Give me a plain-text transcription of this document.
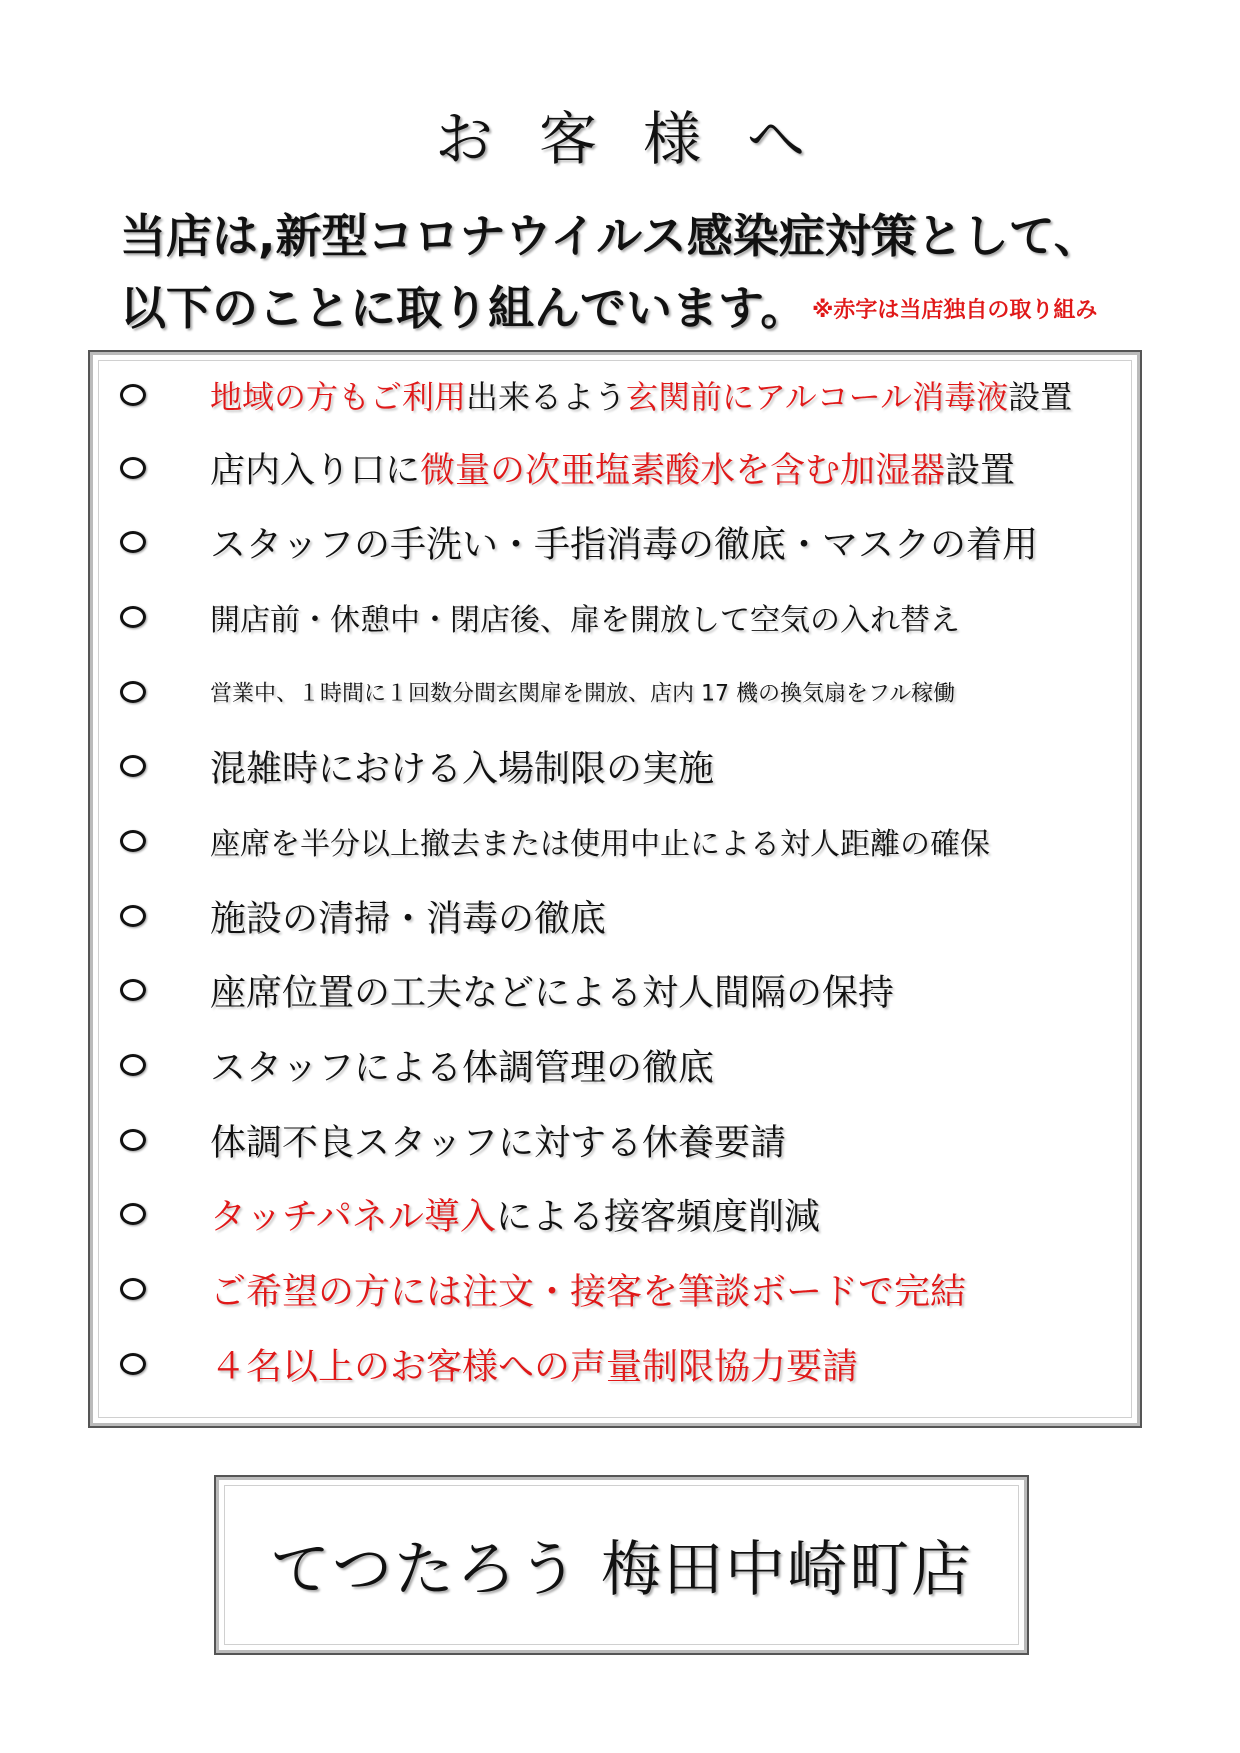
お客様へ
当店は,新型コロナウイルス感染症対策として、
以下のことに取り組んでいます。 ※赤字は当店独自の取り組み
地域の方もご利用出来るよう玄関前にアルコール消毒液設置
店内入り口に微量の次亜塩素酸水を含む加湿器設置
スタッフの手洗い・手指消毒の徹底・マスクの着用
開店前・休憩中・閉店後、扉を開放して空気の入れ替え
営業中、１時間に１回数分間玄関扉を開放、店内 17 機の換気扇をフル稼働
混雑時における入場制限の実施
座席を半分以上撤去または使用中止による対人距離の確保
施設の清掃・消毒の徹底
座席位置の工夫などによる対人間隔の保持
スタッフによる体調管理の徹底
体調不良スタッフに対する休養要請
タッチパネル導入による接客頻度削減
ご希望の方には注文・接客を筆談ボードで完結
４名以上のお客様への声量制限協力要請
てつたろう 梅田中崎町店
